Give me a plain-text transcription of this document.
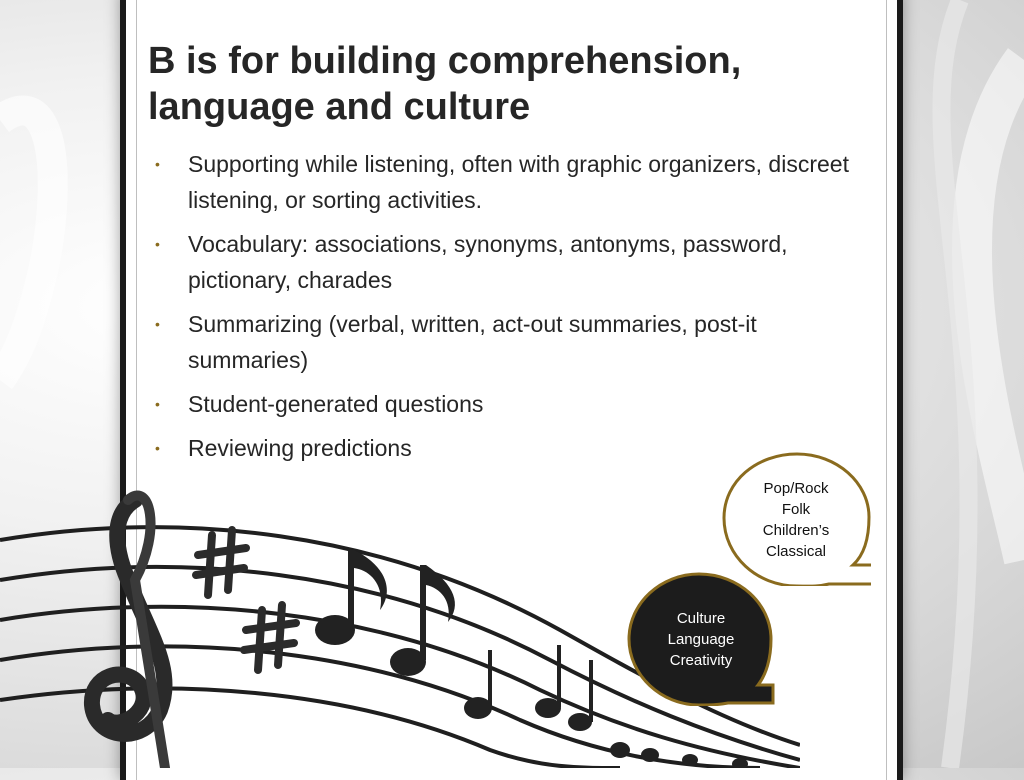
B is for building comprehension, language and culture
• Supporting while listening, often with graphic organizers, discreet listening, or sorting activities.
• Vocabulary: associations, synonyms, antonyms, password, pictionary, charades
• Summarizing (verbal, written, act-out summaries, post-it summaries)
• Student-generated questions
• Reviewing predictions
Pop/Rock
Folk
Children’s
Classical
Culture
Language
Creativity
